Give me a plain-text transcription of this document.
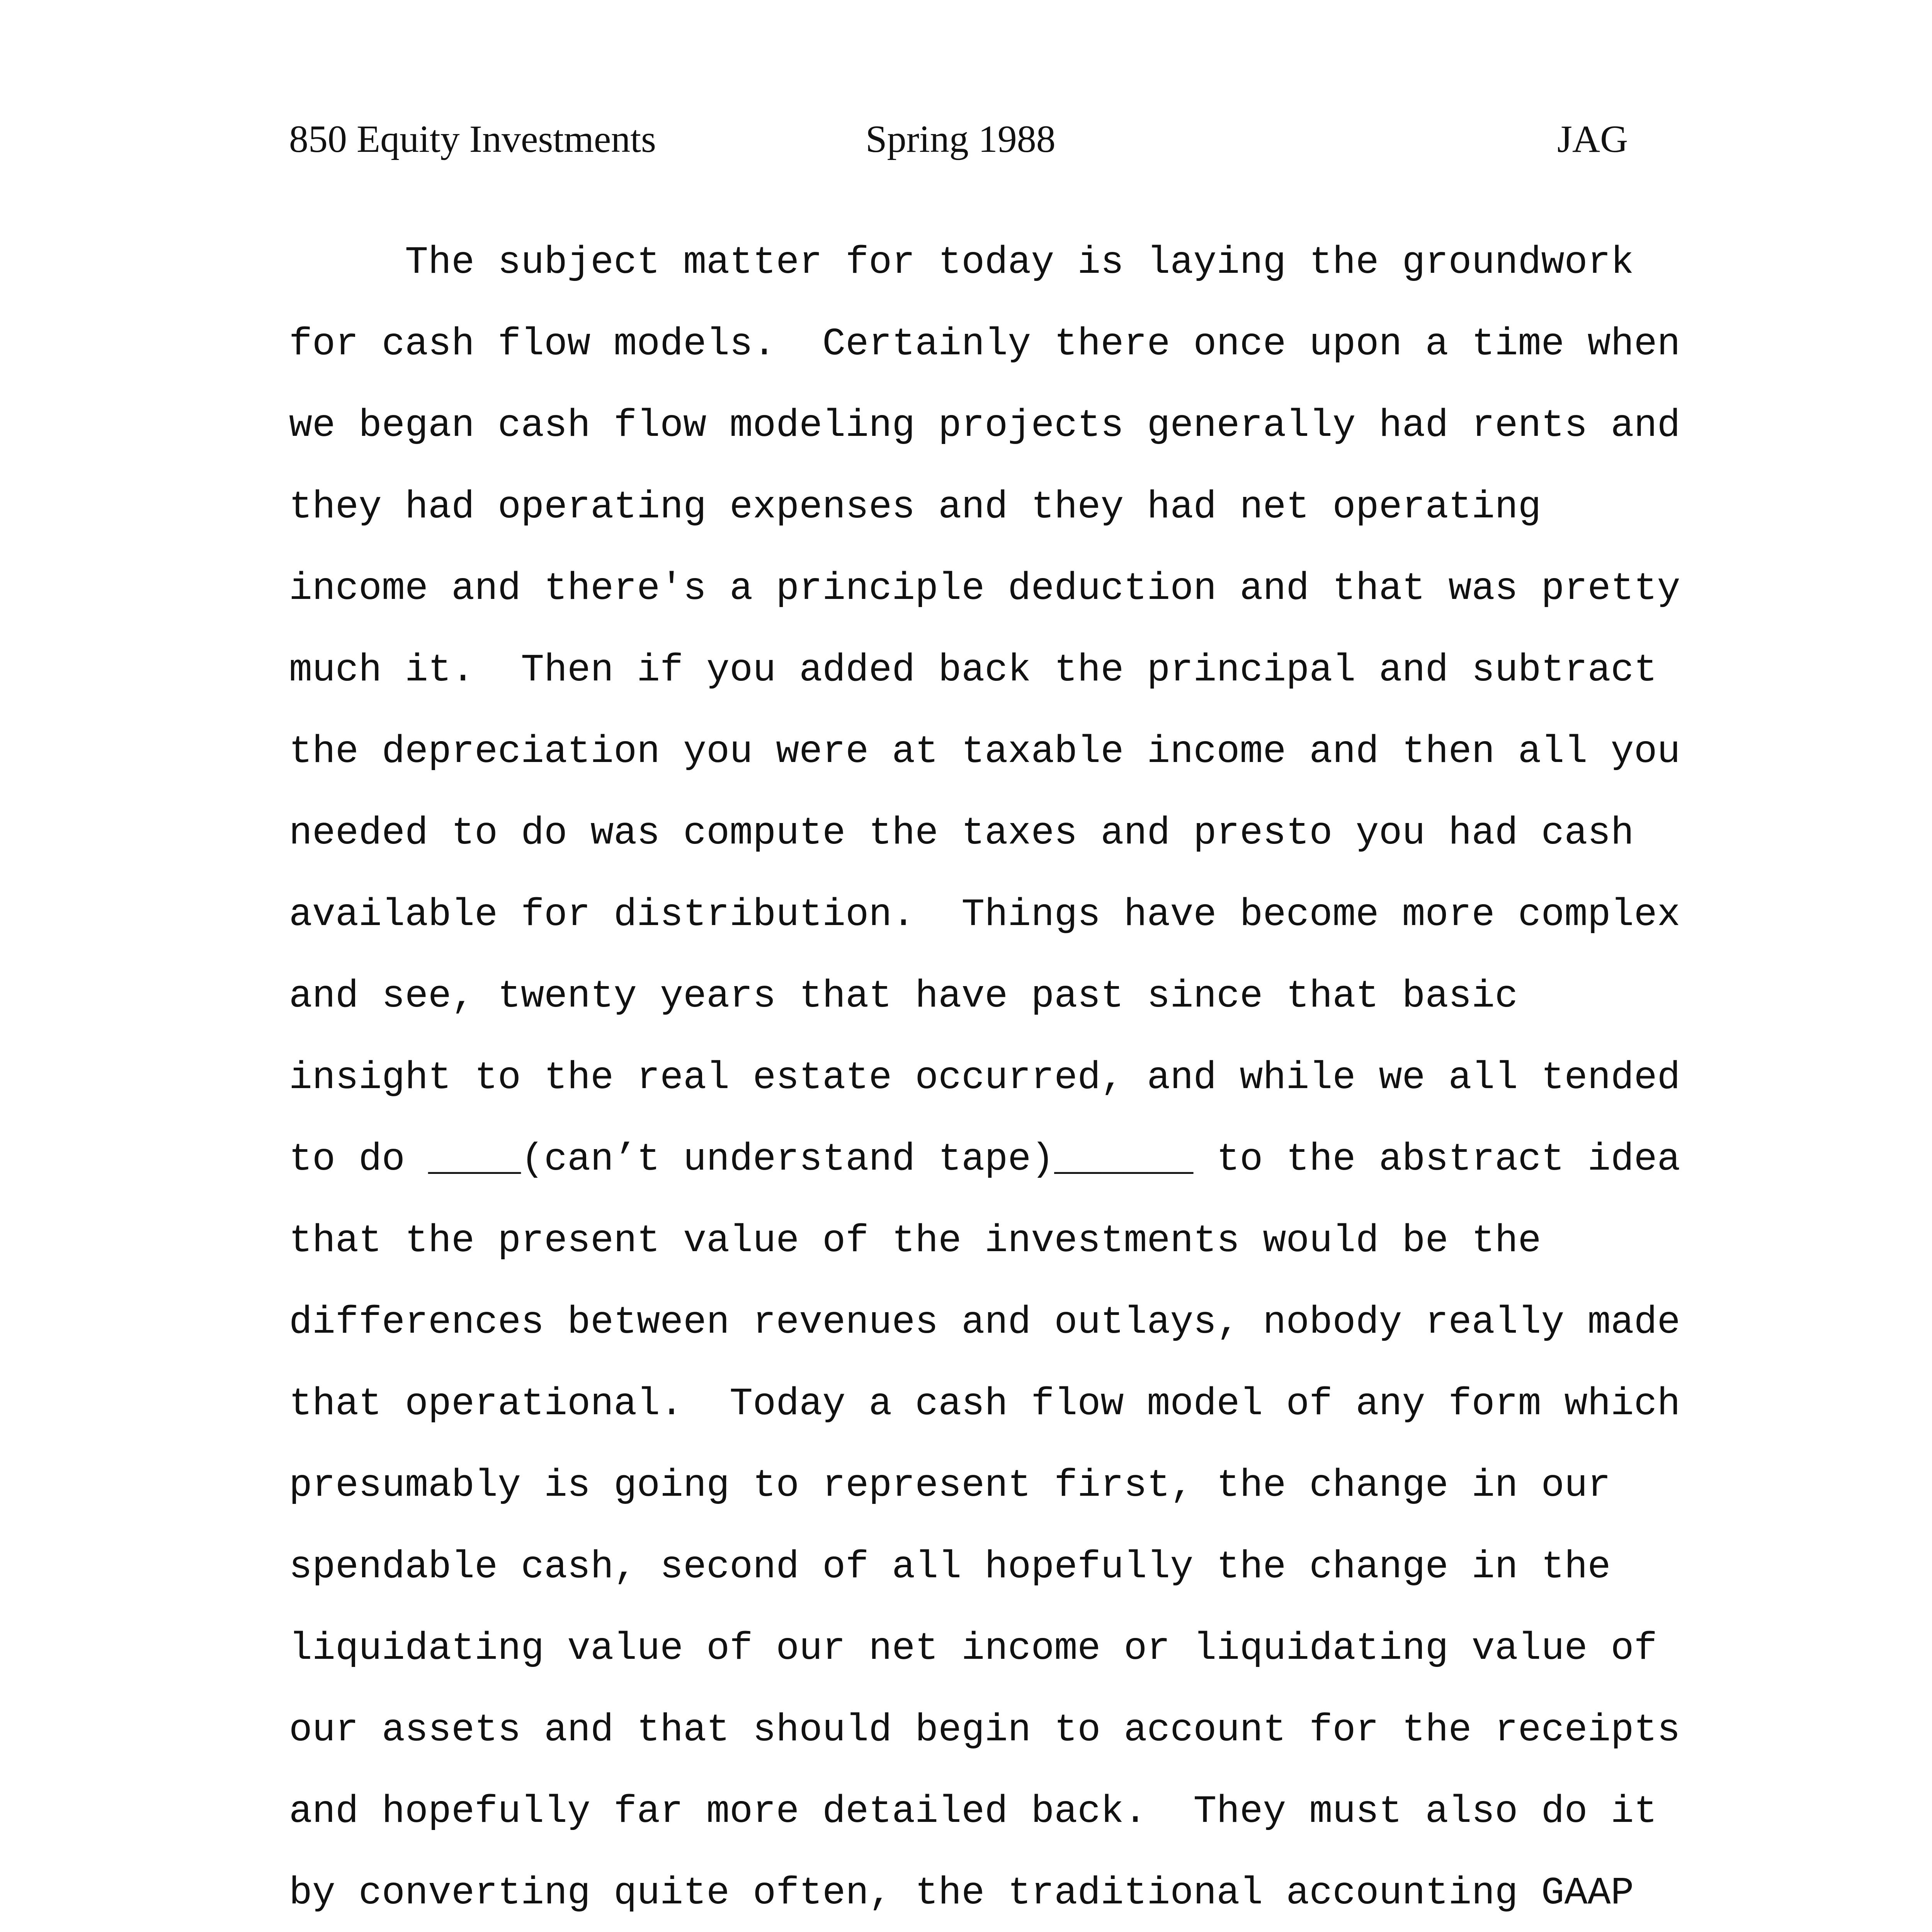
850 Equity Investments	Spring 1988	JAG
The subject matter for today is laying the groundwork
for cash flow models.  Certainly there once upon a time when
we began cash flow modeling projects generally had rents and
they had operating expenses and they had net operating
income and there's a principle deduction and that was pretty
much it.  Then if you added back the principal and subtract
the depreciation you were at taxable income and then all you
needed to do was compute the taxes and presto you had cash
available for distribution.  Things have become more complex
and see, twenty years that have past since that basic
insight to the real estate occurred, and while we all tended
to do ____(can’t understand tape)______ to the abstract idea
that the present value of the investments would be the
differences between revenues and outlays, nobody really made
that operational.  Today a cash flow model of any form which
presumably is going to represent first, the change in our
spendable cash, second of all hopefully the change in the
liquidating value of our net income or liquidating value of
our assets and that should begin to account for the receipts
and hopefully far more detailed back.  They must also do it
by converting quite often, the traditional accounting GAAP
